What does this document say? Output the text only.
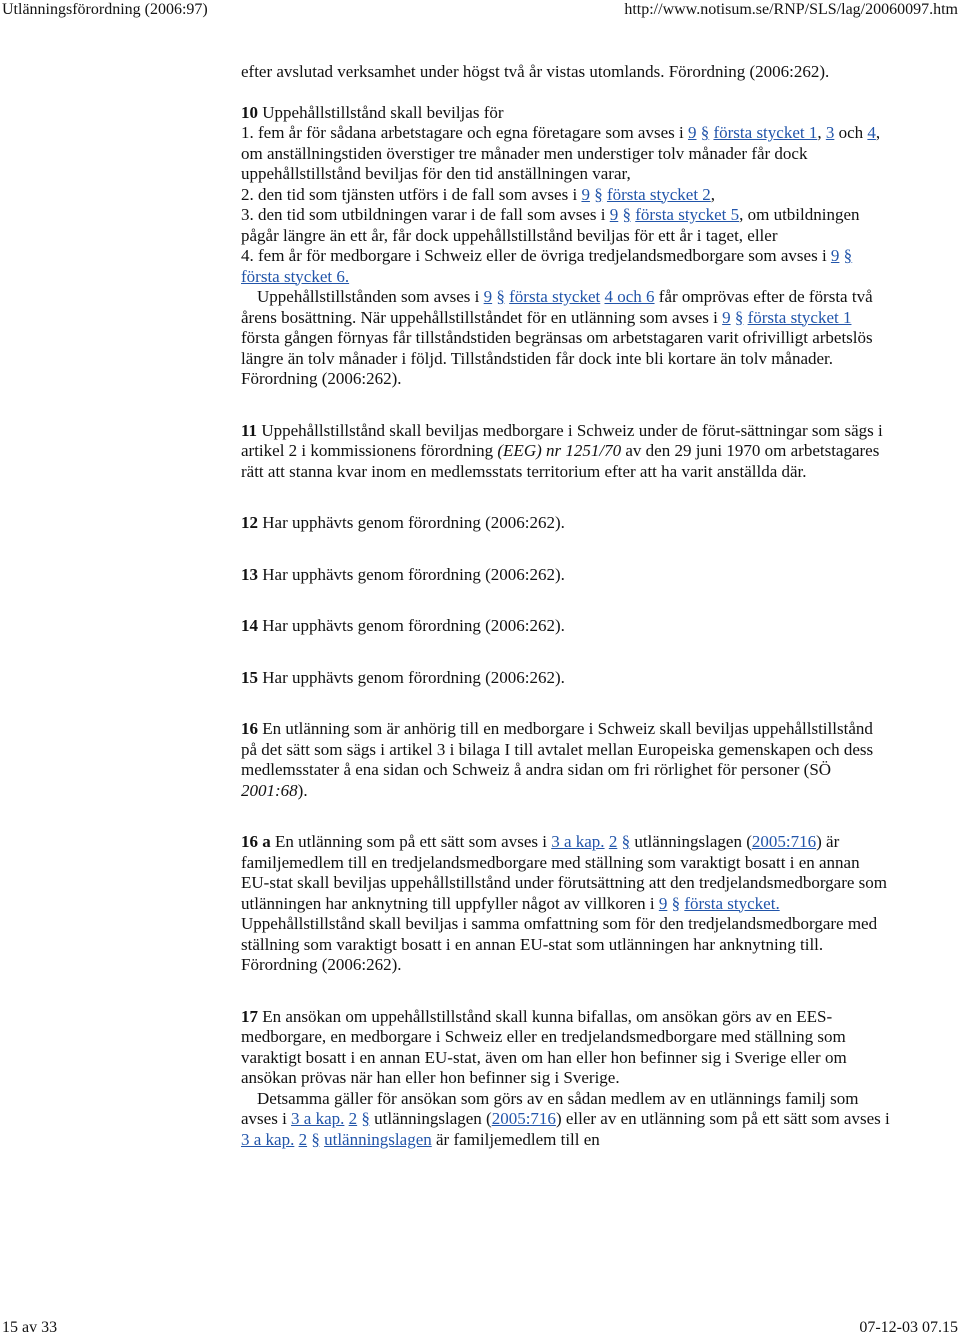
Utlänningsförordning (2006:97)	http://www.notisum.se/RNP/SLS/lag/20060097.htm

efter avslutad verksamhet under högst två år vistas utomlands. Förordning (2006:262).

10 Uppehållstillstånd skall beviljas för

1. fem år för sådana arbetstagare och egna företagare som avses i 9 § första stycket 1, 3 och 4, om anställningstiden överstiger tre månader men understiger tolv månader får dock uppehållstillstånd beviljas för den tid anställningen varar,

2. den tid som tjänsten utförs i de fall som avses i 9 § första stycket 2,

3. den tid som utbildningen varar i de fall som avses i 9 § första stycket 5, om utbildningen pågår längre än ett år, får dock uppehållstillstånd beviljas för ett år i taget, eller

4. fem år för medborgare i Schweiz eller de övriga tredjelandsmedborgare som avses i 9 § första stycket 6.

Uppehållstillstånden som avses i 9 § första stycket 4 och 6 får omprövas efter de första två årens bosättning. När uppehållstillståndet för en utlänning som avses i 9 § första stycket 1 första gången förnyas får tillståndstiden begränsas om arbetstagaren varit ofrivilligt arbetslös längre än tolv månader i följd. Tillståndstiden får dock inte bli kortare än tolv månader. Förordning (2006:262).

11 Uppehållstillstånd skall beviljas medborgare i Schweiz under de förut-sättningar som sägs i artikel 2 i kommissionens förordning (EEG) nr 1251/70 av den 29 juni 1970 om arbetstagares rätt att stanna kvar inom en medlemsstats territorium efter att ha varit anställda där.

12 Har upphävts genom förordning (2006:262).

13 Har upphävts genom förordning (2006:262).

14 Har upphävts genom förordning (2006:262).

15 Har upphävts genom förordning (2006:262).

16 En utlänning som är anhörig till en medborgare i Schweiz skall beviljas uppehållstillstånd på det sätt som sägs i artikel 3 i bilaga I till avtalet mellan Europeiska gemenskapen och dess medlemsstater å ena sidan och Schweiz å andra sidan om fri rörlighet för personer (SÖ 2001:68).

16 a En utlänning som på ett sätt som avses i 3 a kap. 2 § utlänningslagen (2005:716) är familjemedlem till en tredjelandsmedborgare med ställning som varaktigt bosatt i en annan EU-stat skall beviljas uppehållstillstånd under förutsättning att den tredjelandsmedborgare som utlänningen har anknytning till uppfyller något av villkoren i 9 § första stycket. Uppehållstillstånd skall beviljas i samma omfattning som för den tredjelandsmedborgare med ställning som varaktigt bosatt i en annan EU-stat som utlänningen har anknytning till. Förordning (2006:262).

17 En ansökan om uppehållstillstånd skall kunna bifallas, om ansökan görs av en EES-medborgare, en medborgare i Schweiz eller en tredjelandsmedborgare med ställning som varaktigt bosatt i en annan EU-stat, även om han eller hon befinner sig i Sverige eller om ansökan prövas när han eller hon befinner sig i Sverige.

Detsamma gäller för ansökan som görs av en sådan medlem av en utlännings familj som avses i 3 a kap. 2 § utlänningslagen (2005:716) eller av en utlänning som på ett sätt som avses i 3 a kap. 2 § utlänningslagen är familjemedlem till en

15 av 33	07-12-03 07.15
